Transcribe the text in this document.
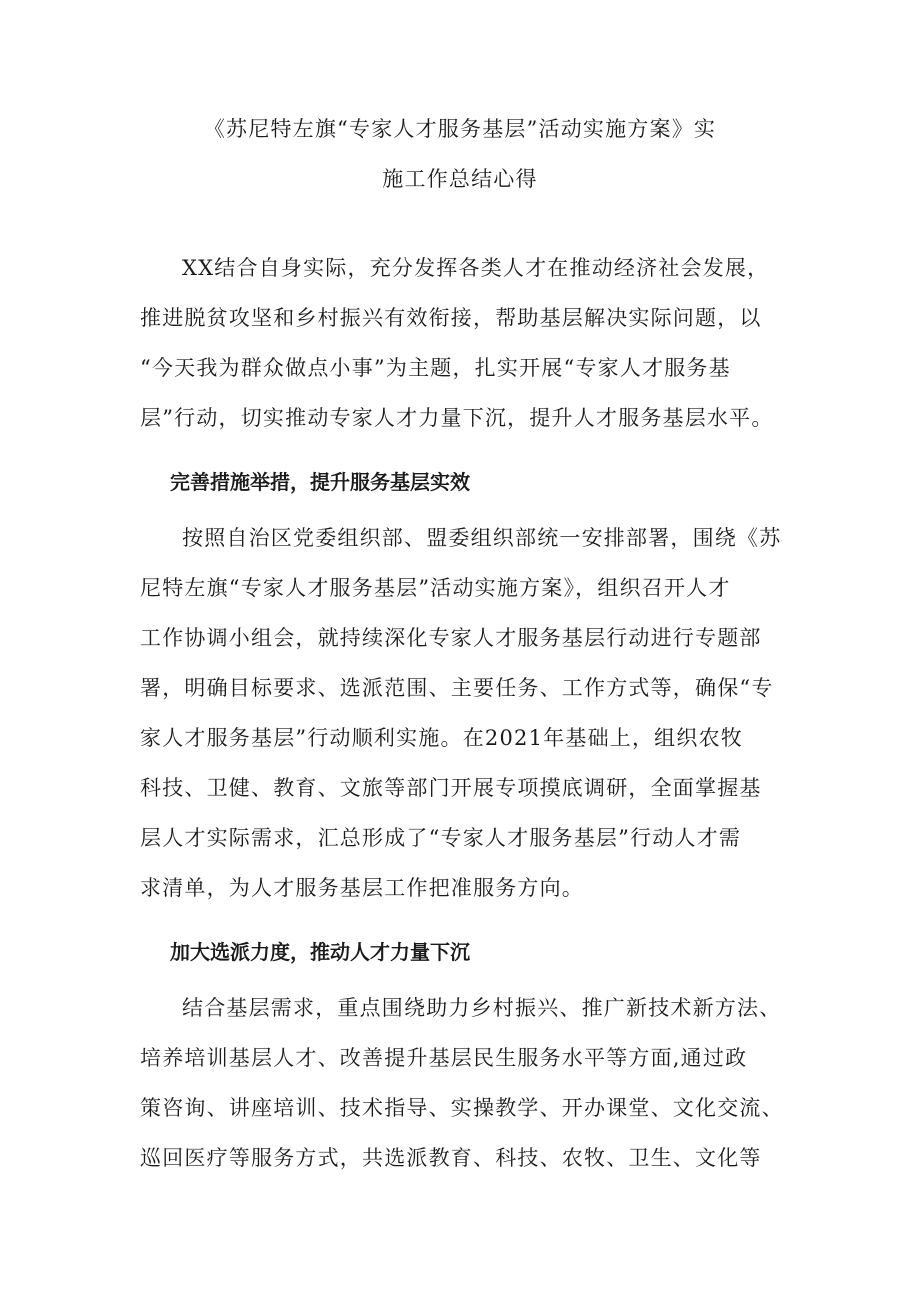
《苏尼特左旗“专家人才服务基层”活动实施方案》实
施工作总结心得
XX结合自身实际，充分发挥各类人才在推动经济社会发展，
推进脱贫攻坚和乡村振兴有效衔接，帮助基层解决实际问题，以
“今天我为群众做点小事”为主题，扎实开展“专家人才服务基
层”行动，切实推动专家人才力量下沉，提升人才服务基层水平。
完善措施举措，提升服务基层实效
按照自治区党委组织部、盟委组织部统一安排部署，围绕《苏
尼特左旗“专家人才服务基层”活动实施方案》，组织召开人才
工作协调小组会，就持续深化专家人才服务基层行动进行专题部
署，明确目标要求、选派范围、主要任务、工作方式等，确保“专
家人才服务基层”行动顺利实施。在2021年基础上，组织农牧
科技、卫健、教育、文旅等部门开展专项摸底调研，全面掌握基
层人才实际需求，汇总形成了“专家人才服务基层”行动人才需
求清单，为人才服务基层工作把准服务方向。
加大选派力度，推动人才力量下沉
结合基层需求，重点围绕助力乡村振兴、推广新技术新方法、
培养培训基层人才、改善提升基层民生服务水平等方面,通过政
策咨询、讲座培训、技术指导、实操教学、开办课堂、文化交流、
巡回医疗等服务方式，共选派教育、科技、农牧、卫生、文化等
